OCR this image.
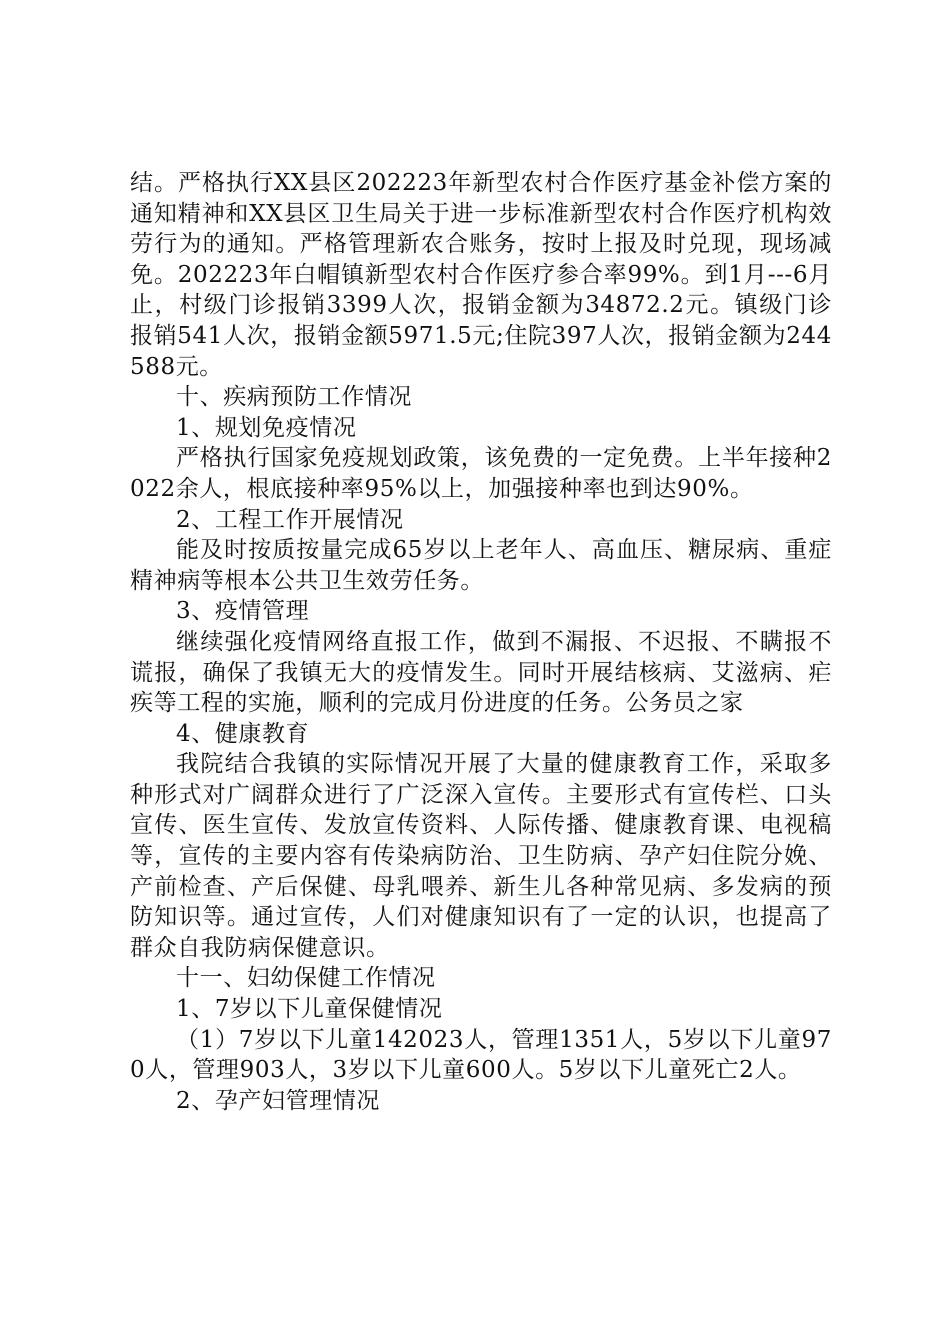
结。严格执行XX县区202223年新型农村合作医疗基金补偿方案的通知精神和XX县区卫生局关于进一步标准新型农村合作医疗机构效劳行为的通知。严格管理新农合账务，按时上报及时兑现，现场减免。202223年白帽镇新型农村合作医疗参合率99%。到1月---6月止，村级门诊报销3399人次，报销金额为34872.2元。镇级门诊报销541人次，报销金额5971.5元;住院397人次，报销金额为244588元。

十、疾病预防工作情况

1、规划免疫情况

严格执行国家免疫规划政策，该免费的一定免费。上半年接种2022余人，根底接种率95%以上，加强接种率也到达90%。

2、工程工作开展情况

能及时按质按量完成65岁以上老年人、高血压、糖尿病、重症精神病等根本公共卫生效劳任务。

3、疫情管理

继续强化疫情网络直报工作，做到不漏报、不迟报、不瞒报不谎报，确保了我镇无大的疫情发生。同时开展结核病、艾滋病、疟疾等工程的实施，顺利的完成月份进度的任务。公务员之家

4、健康教育

我院结合我镇的实际情况开展了大量的健康教育工作，采取多种形式对广阔群众进行了广泛深入宣传。主要形式有宣传栏、口头宣传、医生宣传、发放宣传资料、人际传播、健康教育课、电视稿等，宣传的主要内容有传染病防治、卫生防病、孕产妇住院分娩、产前检查、产后保健、母乳喂养、新生儿各种常见病、多发病的预防知识等。通过宣传，人们对健康知识有了一定的认识，也提高了群众自我防病保健意识。

十一、妇幼保健工作情况

1、7岁以下儿童保健情况

（1）7岁以下儿童142023人，管理1351人，5岁以下儿童970人，管理903人，3岁以下儿童600人。5岁以下儿童死亡2人。

2、孕产妇管理情况
